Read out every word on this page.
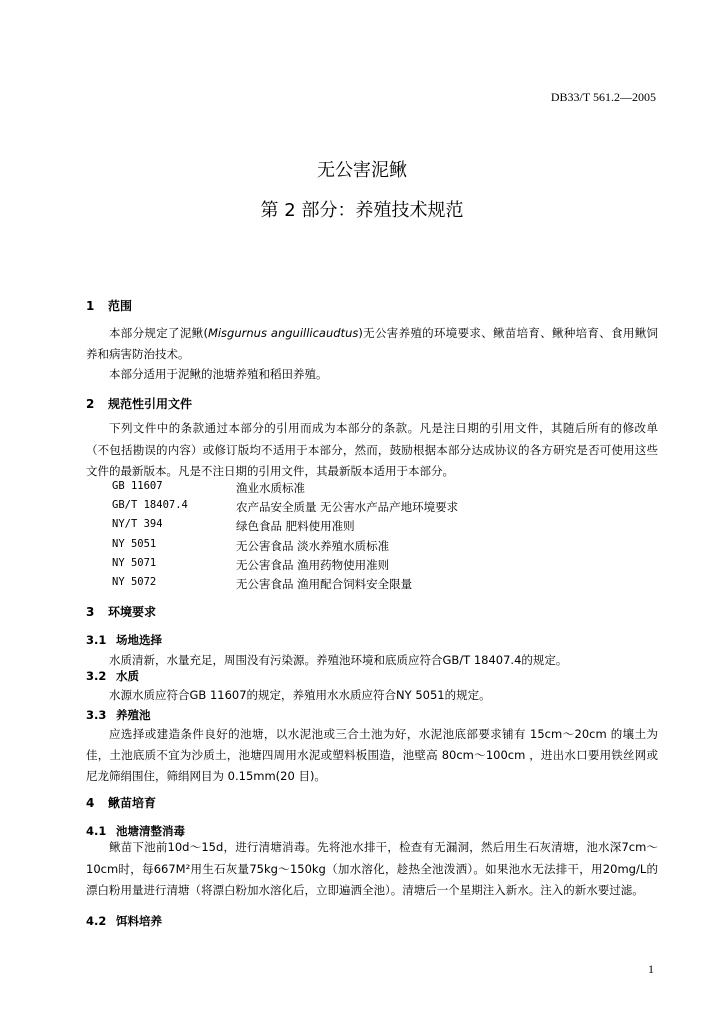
DB33/T 561.2—2005
无公害泥鳅
第 2 部分：养殖技术规范
1 范围
本部分规定了泥鳅(Misgurnus anguillicaudtus)无公害养殖的环境要求、鳅苗培育、鳅种培育、食用鳅饲养和病害防治技术。
本部分适用于泥鳅的池塘养殖和稻田养殖。
2 规范性引用文件
下列文件中的条款通过本部分的引用而成为本部分的条款。凡是注日期的引用文件，其随后所有的修改单（不包括勘误的内容）或修订版均不适用于本部分，然而，鼓励根据本部分达成协议的各方研究是否可使用这些文件的最新版本。凡是不注日期的引用文件，其最新版本适用于本部分。
GB 11607	渔业水质标准
GB/T 18407.4	农产品安全质量 无公害水产品产地环境要求
NY/T 394	绿色食品 肥料使用准则
NY 5051	无公害食品 淡水养殖水质标准
NY 5071	无公害食品 渔用药物使用准则
NY 5072	无公害食品 渔用配合饲料安全限量
3 环境要求
3.1 场地选择
水质清新，水量充足，周围没有污染源。养殖池环境和底质应符合GB/T 18407.4的规定。
3.2 水质
水源水质应符合GB 11607的规定，养殖用水水质应符合NY 5051的规定。
3.3 养殖池
应选择或建造条件良好的池塘，以水泥池或三合土池为好，水泥池底部要求铺有 15cm～20cm 的壤土为佳，土池底质不宜为沙质土，池塘四周用水泥或塑料板围造，池壁高 80cm～100cm ，进出水口要用铁丝网或尼龙筛绢围住，筛绢网目为 0.15mm(20 目)。
4 鳅苗培育
4.1 池塘清整消毒
鳅苗下池前10d～15d，进行清塘消毒。先将池水排干，检查有无漏洞，然后用生石灰清塘，池水深7cm～10cm时，每667M²用生石灰量75kg～150kg（加水溶化，趁热全池泼洒）。如果池水无法排干，用20mg/L的漂白粉用量进行清塘（将漂白粉加水溶化后，立即遍洒全池）。清塘后一个星期注入新水。注入的新水要过滤。
4.2 饵料培养
1
